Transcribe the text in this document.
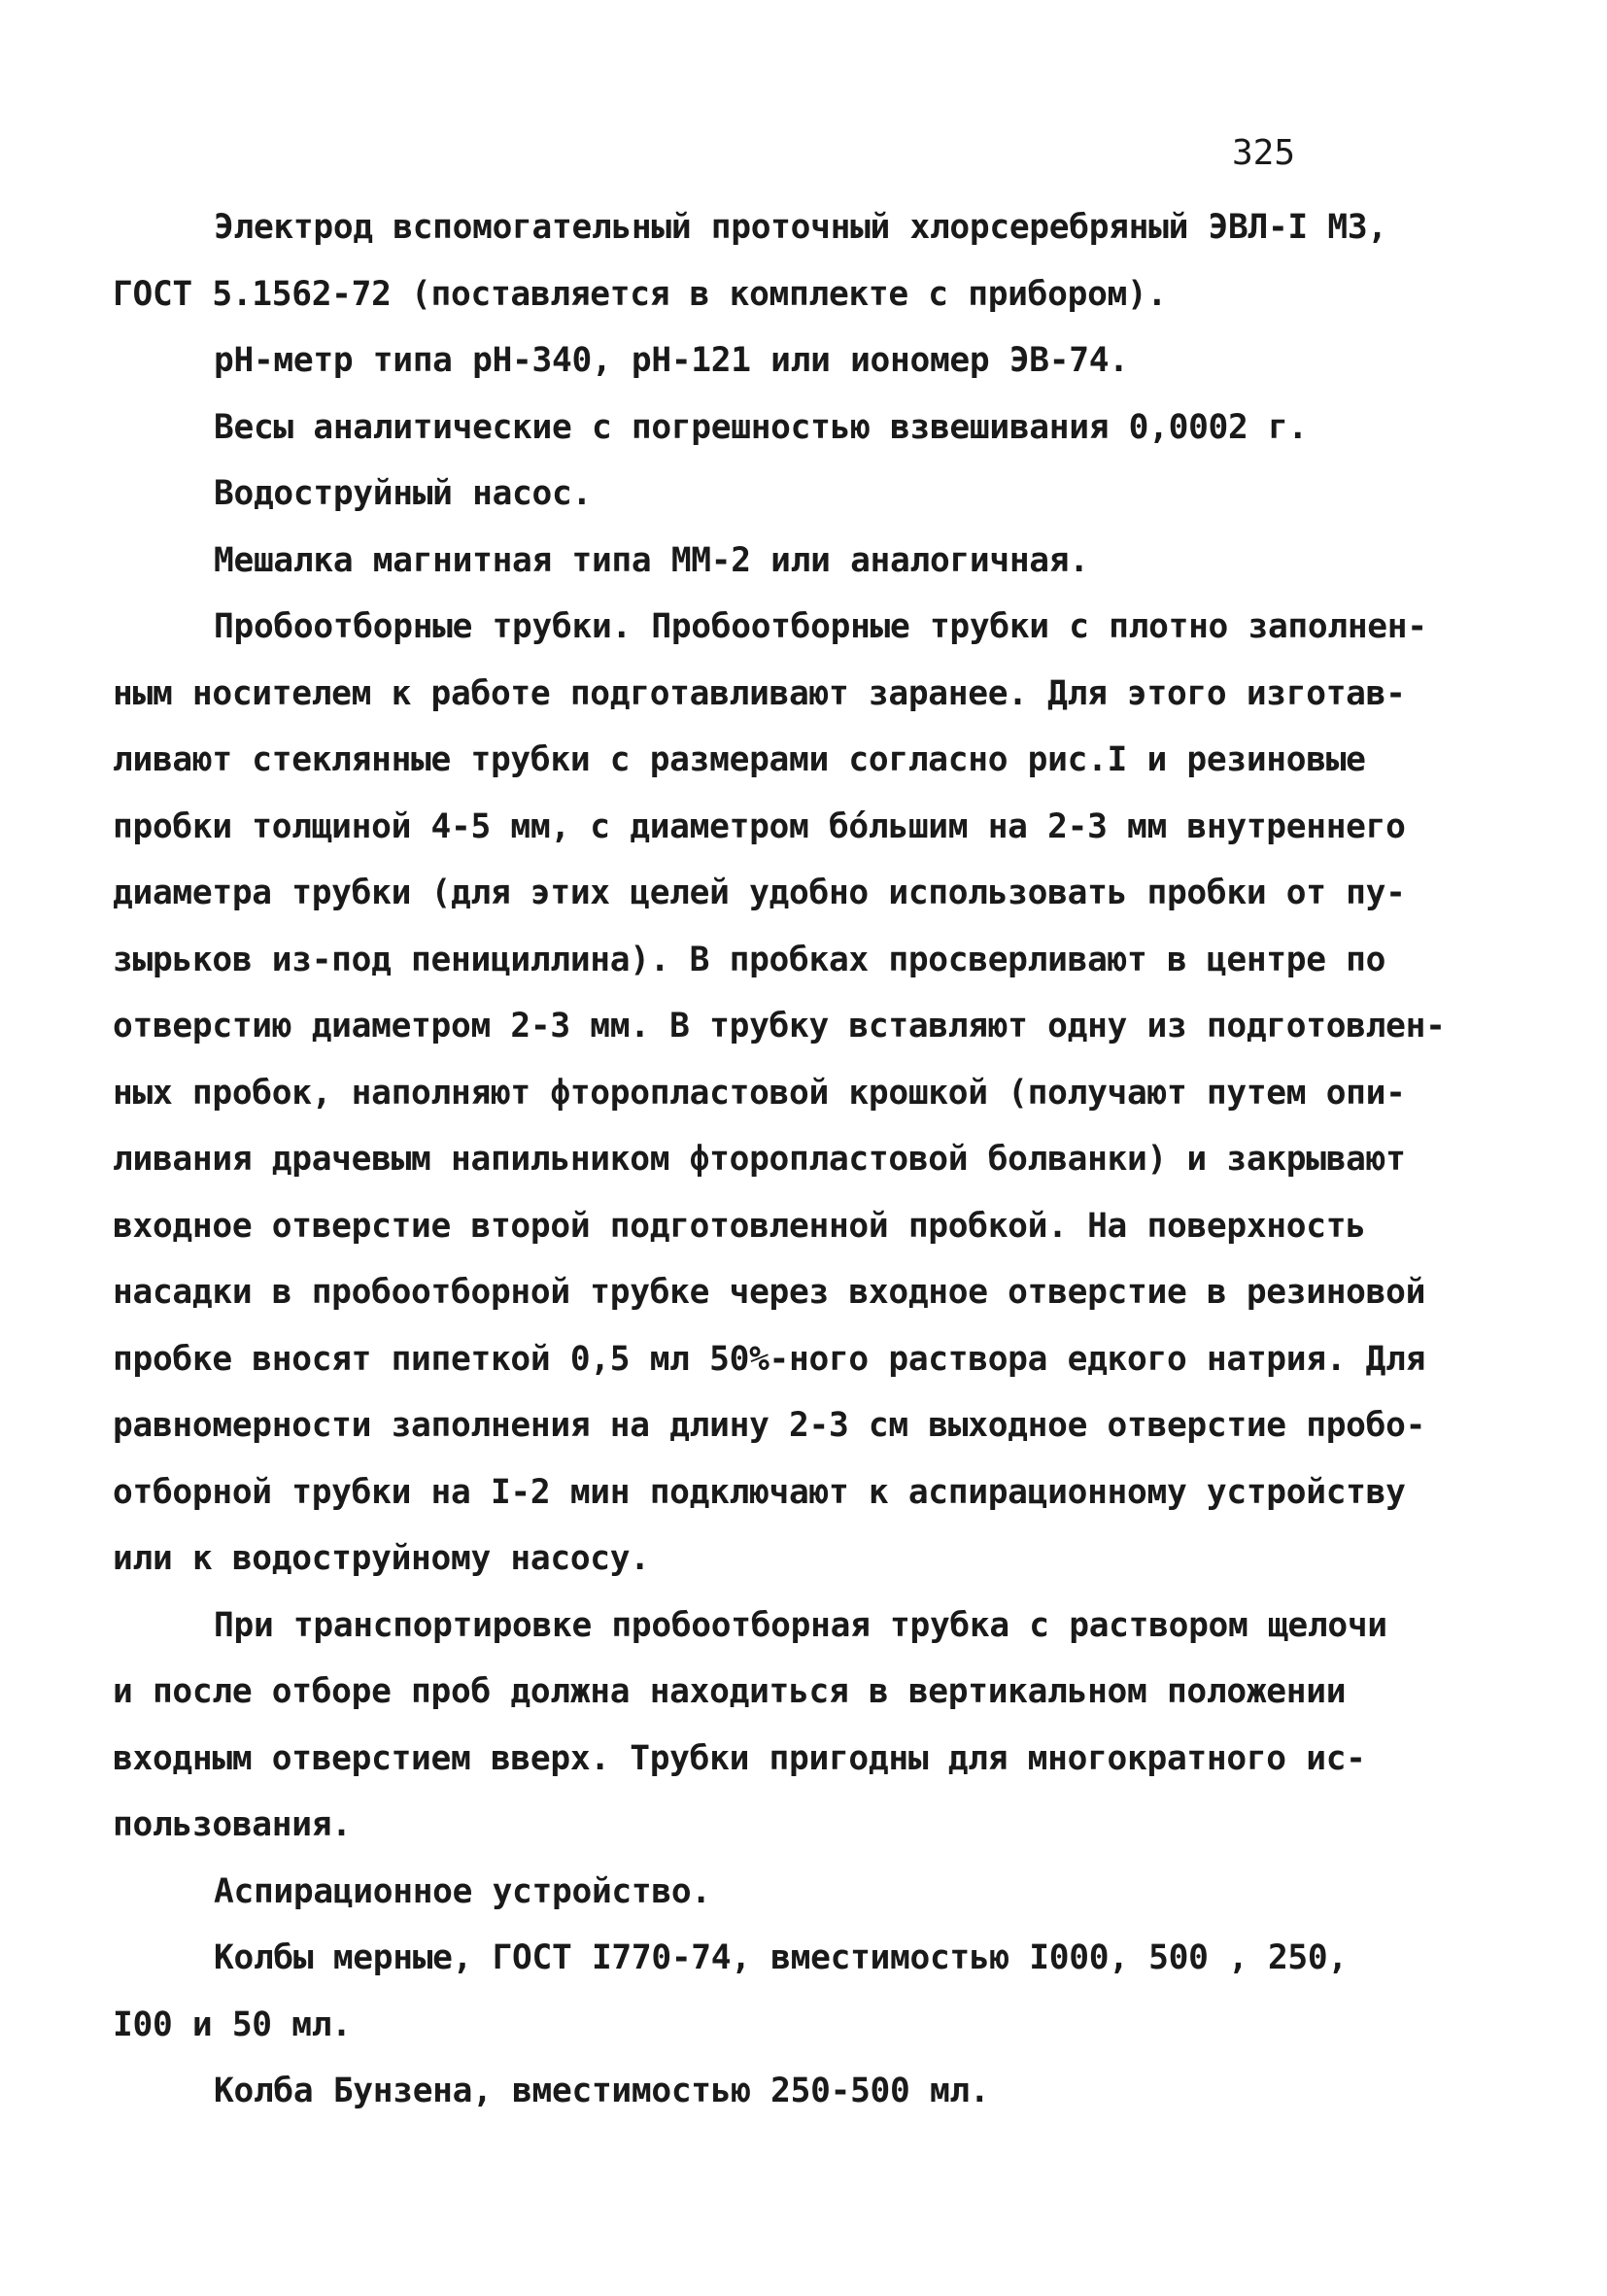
325
Электрод вспомогательный проточный хлорсеребряный ЭВЛ-I МЗ,
ГОСТ 5.1562-72 (поставляется в комплекте с прибором).
pH-метр типа pH-340, pH-121 или иономер ЭВ-74.
Весы аналитические с погрешностью взвешивания 0,0002 г.
Водоструйный насос.
Мешалка магнитная типа ММ-2 или аналогичная.
Пробоотборные трубки. Пробоотборные трубки с плотно заполнен-
ным носителем к работе подготавливают заранее. Для этого изготав-
ливают стеклянные трубки с размерами согласно рис.I и резиновые
пробки толщиной 4-5 мм, с диаметром бо́льшим на 2-3 мм внутреннего
диаметра трубки (для этих целей удобно использовать пробки от пу-
зырьков из-под пенициллина). В пробках просверливают в центре по
отверстию диаметром 2-3 мм. В трубку вставляют одну из подготовлен-
ных пробок, наполняют фторопластовой крошкой (получают путем опи-
ливания драчевым напильником фторопластовой болванки) и закрывают
входное отверстие второй подготовленной пробкой. На поверхность
насадки в пробоотборной трубке через входное отверстие в резиновой
пробке вносят пипеткой 0,5 мл 50%-ного раствора едкого натрия. Для
равномерности заполнения на длину 2-3 см выходное отверстие пробо-
отборной трубки на I-2 мин подключают к аспирационному устройству
или к водоструйному насосу.
При транспортировке пробоотборная трубка с раствором щелочи
и после отборе проб должна находиться в вертикальном положении
входным отверстием вверх. Трубки пригодны для многократного ис-
пользования.
Аспирационное устройство.
Колбы мерные, ГОСТ I770-74, вместимостью I000, 500 , 250,
I00 и 50 мл.
Колба Бунзена, вместимостью 250-500 мл.
